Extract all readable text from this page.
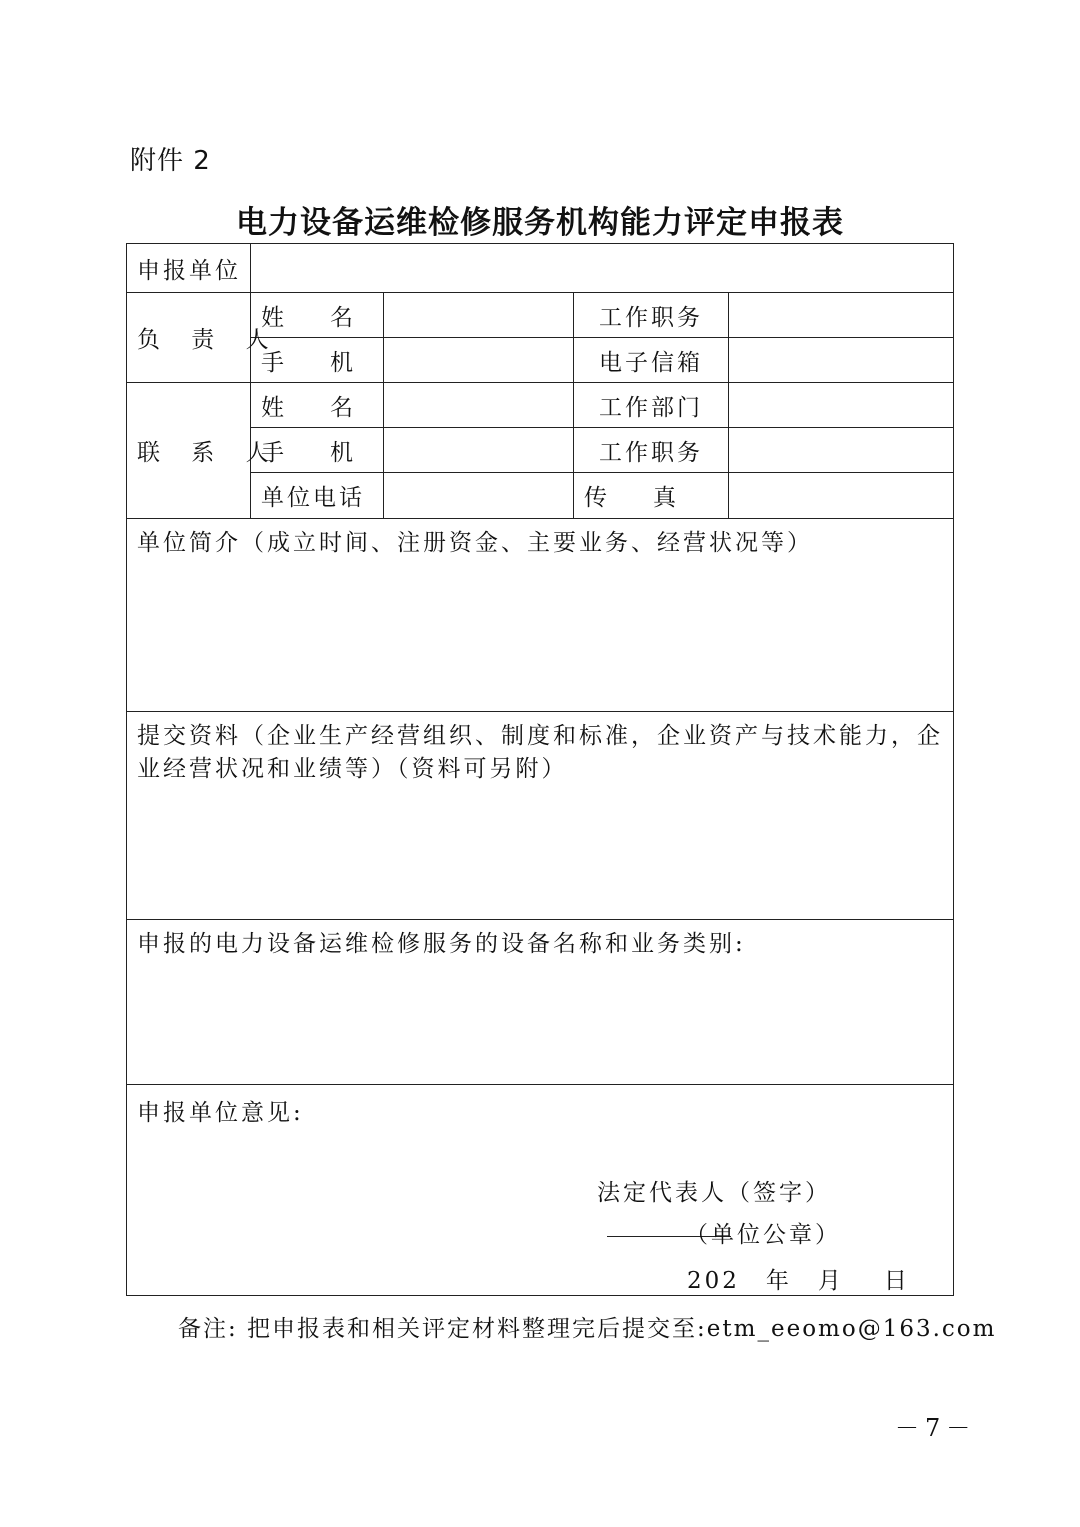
附件 2
电力设备运维检修服务机构能力评定申报表
申报单位				

负 责 人	姓名		工作职务	
	手机		电子信箱	

联 系 人	姓名		工作部门	
	手机		工作职务	
	单位电话		传真	
单位简介（成立时间、注册资金、主要业务、经营状况等）				
提交资料（企业生产经营组织、制度和标准，企业资产与技术能力，企业经营状况和业绩等）（资料可另附）				
申报的电力设备运维检修服务的设备名称和业务类别:				

申报单位意见:
法定代表人（签字）
（单位公章）
202 年 月 日				
备注: 把申报表和相关评定材料整理完后提交至:etm_eeomo@163.com
－7－
